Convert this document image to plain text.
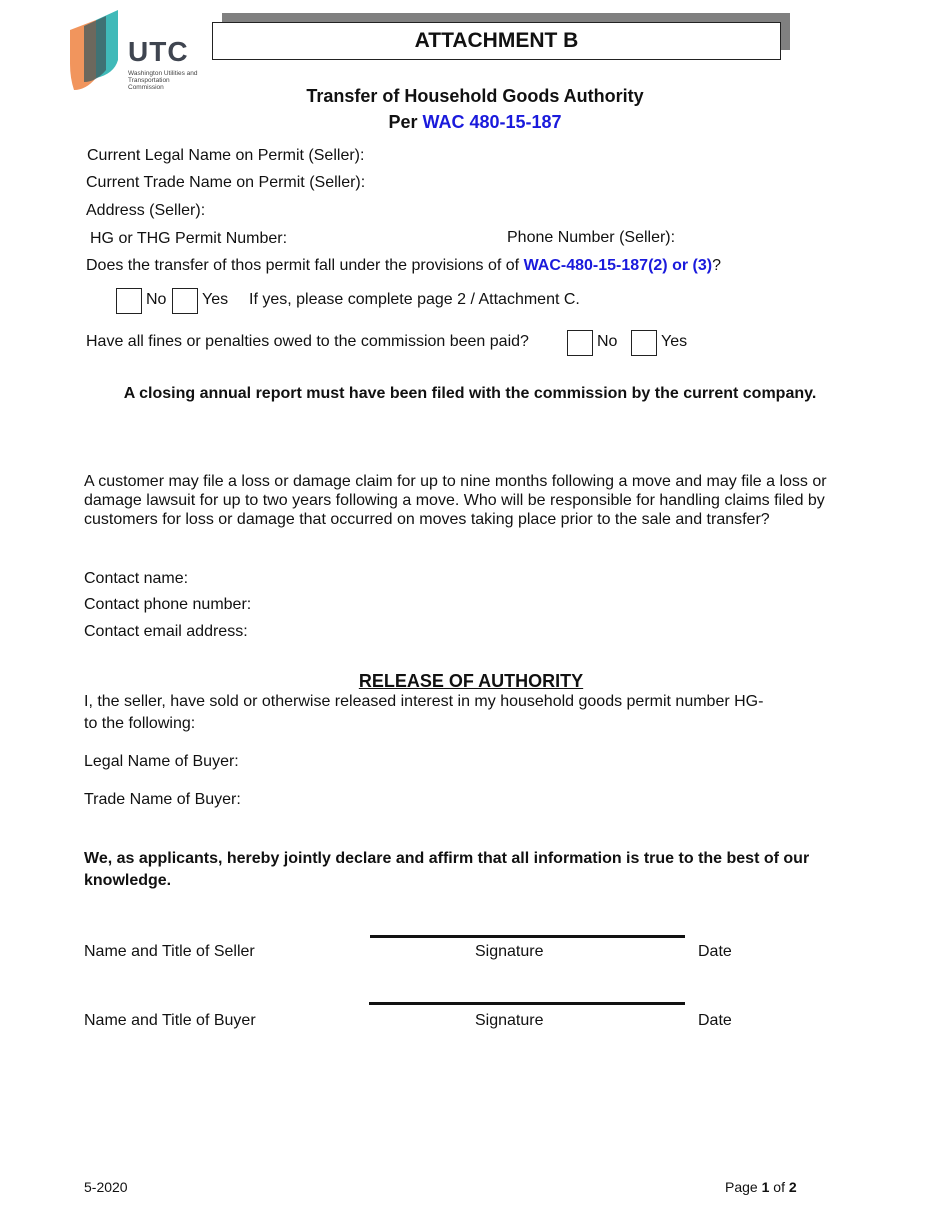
UTC
Washington Utilities and Transportation Commission
ATTACHMENT B
Transfer of Household Goods Authority
Per WAC 480-15-187
Current Legal Name on Permit (Seller):
Current Trade Name on Permit (Seller):
Address (Seller):
HG or THG Permit Number:	Phone Number (Seller):
Does the transfer of thos permit fall under the provisions of of WAC-480-15-187(2) or (3)?
No Yes If yes, please complete page 2 / Attachment C.
Have all fines or penalties owed to the commission been paid?	No	Yes
A closing annual report must have been filed with the commission by the current company.
A customer may file a loss or damage claim for up to nine months following a move and may file a loss or damage lawsuit for up to two years following a move. Who will be responsible for handling claims filed by customers for loss or damage that occurred on moves taking place prior to the sale and transfer?
Contact name:
Contact phone number:
Contact email address:
RELEASE OF AUTHORITY
I, the seller, have sold or otherwise released interest in my household goods permit number HG-
to the following:
Legal Name of Buyer:
Trade Name of Buyer:
We, as applicants, hereby jointly declare and affirm that all information is true to the best of our knowledge.
Name and Title of Seller	Signature	Date
Name and Title of Buyer	Signature	Date
5-2020	Page 1 of 2
